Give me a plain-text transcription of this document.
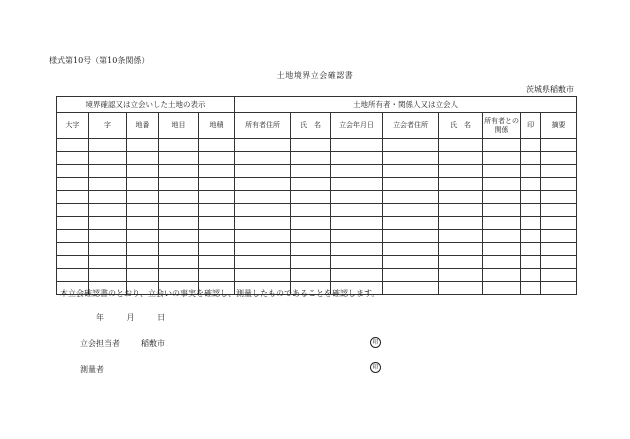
様式第10号（第10条関係）
土地境界立会確認書
茨城県稲敷市
境界確認又は立会いした土地の表示					土地所有者・関係人又は立会人							
大字	字	地番	地目	地積	所有者住所	氏　名	立会年月日	立会者住所	氏　名	所有者との関係	印	摘要

本立会確認書のとおり、立会いの事実を確認し、測量したものであることを確認します。
年 月 日
立会担当者	稲敷市	印
測量者	印
